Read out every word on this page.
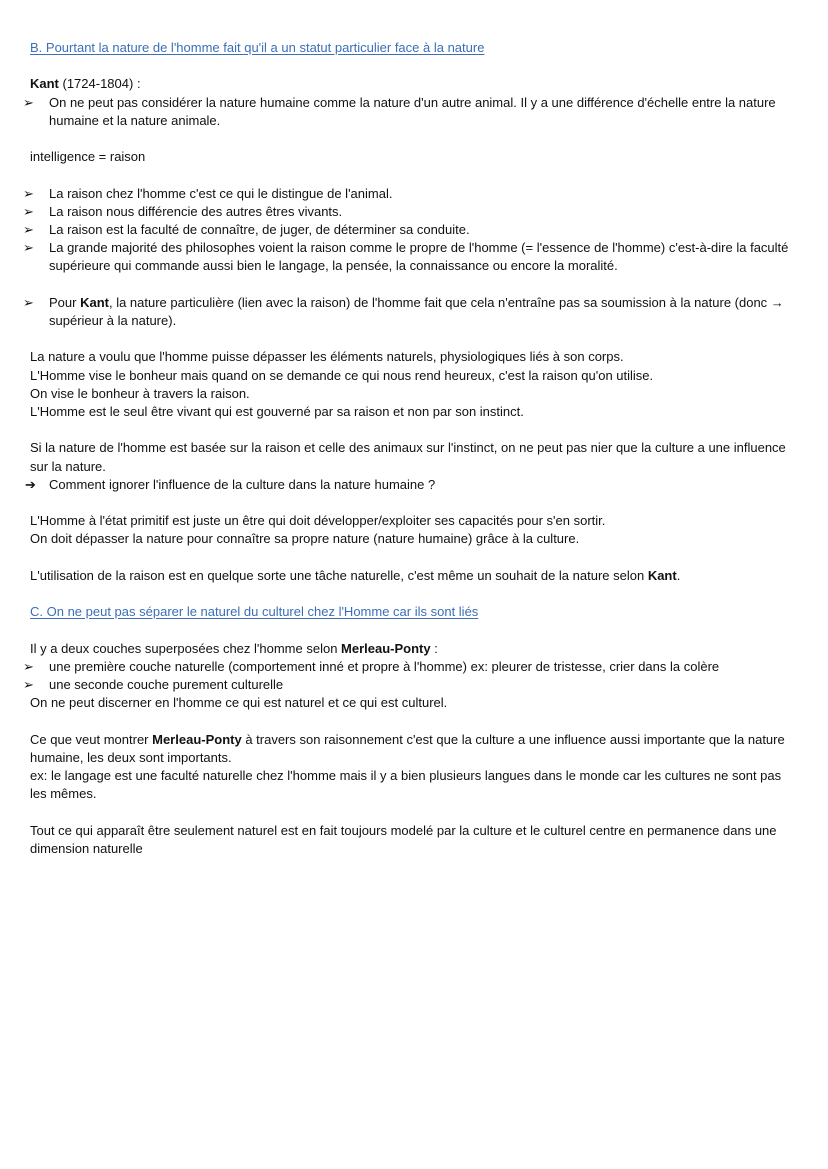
B. Pourtant la nature de l'homme fait qu'il a un statut particulier face à la nature

Kant (1724-1804) :

➢	On ne peut pas considérer la nature humaine comme la nature d'un autre animal. Il y a une différence d'échelle entre la nature humaine et la nature animale.

intelligence = raison

➢	La raison chez l'homme c'est ce qui le distingue de l'animal.

➢	La raison nous différencie des autres êtres vivants.

➢	La raison est la faculté de connaître, de juger, de déterminer sa conduite.

➢	La grande majorité des philosophes voient la raison comme le propre de l'homme (= l'essence de l'homme) c'est-à-dire la faculté supérieure qui commande aussi bien le langage, la pensée, la connaissance ou encore la moralité.

➢	Pour Kant, la nature particulière (lien avec la raison) de l'homme fait que cela n'entraîne pas sa soumission à la nature (donc → supérieur à la nature).

La nature a voulu que l'homme puisse dépasser les éléments naturels, physiologiques liés à son corps.

L'Homme vise le bonheur mais quand on se demande ce qui nous rend heureux, c'est la raison qu'on utilise.

On vise le bonheur à travers la raison.

L'Homme est le seul être vivant qui est gouverné par sa raison et non par son instinct.

Si la nature de l'homme est basée sur la raison et celle des animaux sur l'instinct, on ne peut pas nier que la culture a une influence sur la nature.

➔	Comment ignorer l'influence de la culture dans la nature humaine ?

L'Homme à l'état primitif est juste un être qui doit développer/exploiter ses capacités pour s'en sortir.

On doit dépasser la nature pour connaître sa propre nature (nature humaine) grâce à la culture.

L'utilisation de la raison est en quelque sorte une tâche naturelle, c'est même un souhait de la nature selon Kant.

C. On ne peut pas séparer le naturel du culturel chez l'Homme car ils sont liés

Il y a deux couches superposées chez l'homme selon Merleau-Ponty :

➢	une première couche naturelle (comportement inné et propre à l'homme) ex: pleurer de tristesse, crier dans la colère

➢	une seconde couche purement culturelle

On ne peut discerner en l'homme ce qui est naturel et ce qui est culturel.

Ce que veut montrer Merleau-Ponty à travers son raisonnement c'est que la culture a une influence aussi importante que la nature humaine, les deux sont importants.

ex: le langage est une faculté naturelle chez l'homme mais il y a bien plusieurs langues dans le monde car les cultures ne sont pas les mêmes.

Tout ce qui apparaît être seulement naturel est en fait toujours modelé par la culture et le culturel centre en permanence dans une dimension naturelle
